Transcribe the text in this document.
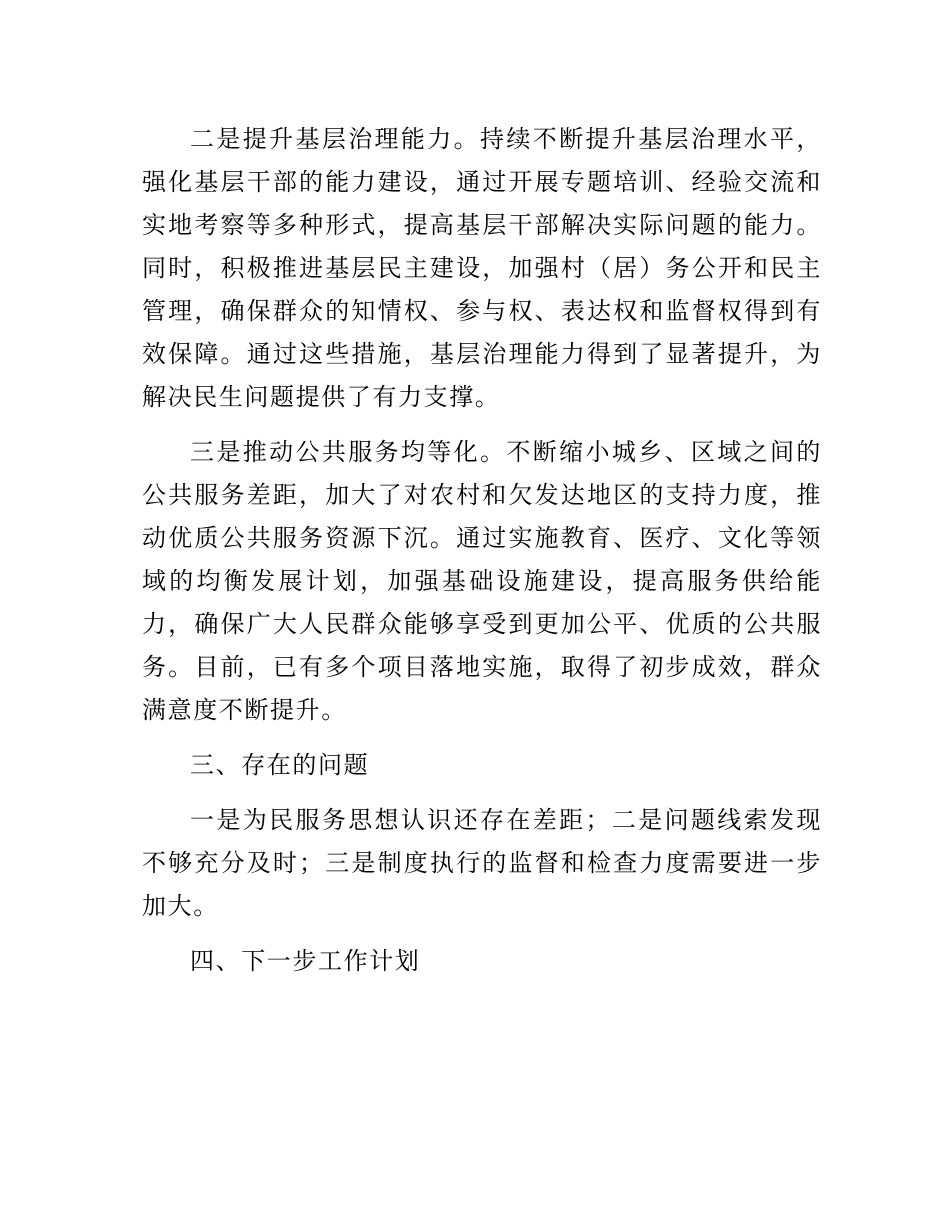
二是提升基层治理能力。持续不断提升基层治理水平，强化基层干部的能力建设，通过开展专题培训、经验交流和实地考察等多种形式，提高基层干部解决实际问题的能力。同时，积极推进基层民主建设，加强村（居）务公开和民主管理，确保群众的知情权、参与权、表达权和监督权得到有效保障。通过这些措施，基层治理能力得到了显著提升，为解决民生问题提供了有力支撑。

三是推动公共服务均等化。不断缩小城乡、区域之间的公共服务差距，加大了对农村和欠发达地区的支持力度，推动优质公共服务资源下沉。通过实施教育、医疗、文化等领域的均衡发展计划，加强基础设施建设，提高服务供给能力，确保广大人民群众能够享受到更加公平、优质的公共服务。目前，已有多个项目落地实施，取得了初步成效，群众满意度不断提升。

三、存在的问题

一是为民服务思想认识还存在差距；二是问题线索发现不够充分及时；三是制度执行的监督和检查力度需要进一步加大。

四、下一步工作计划
